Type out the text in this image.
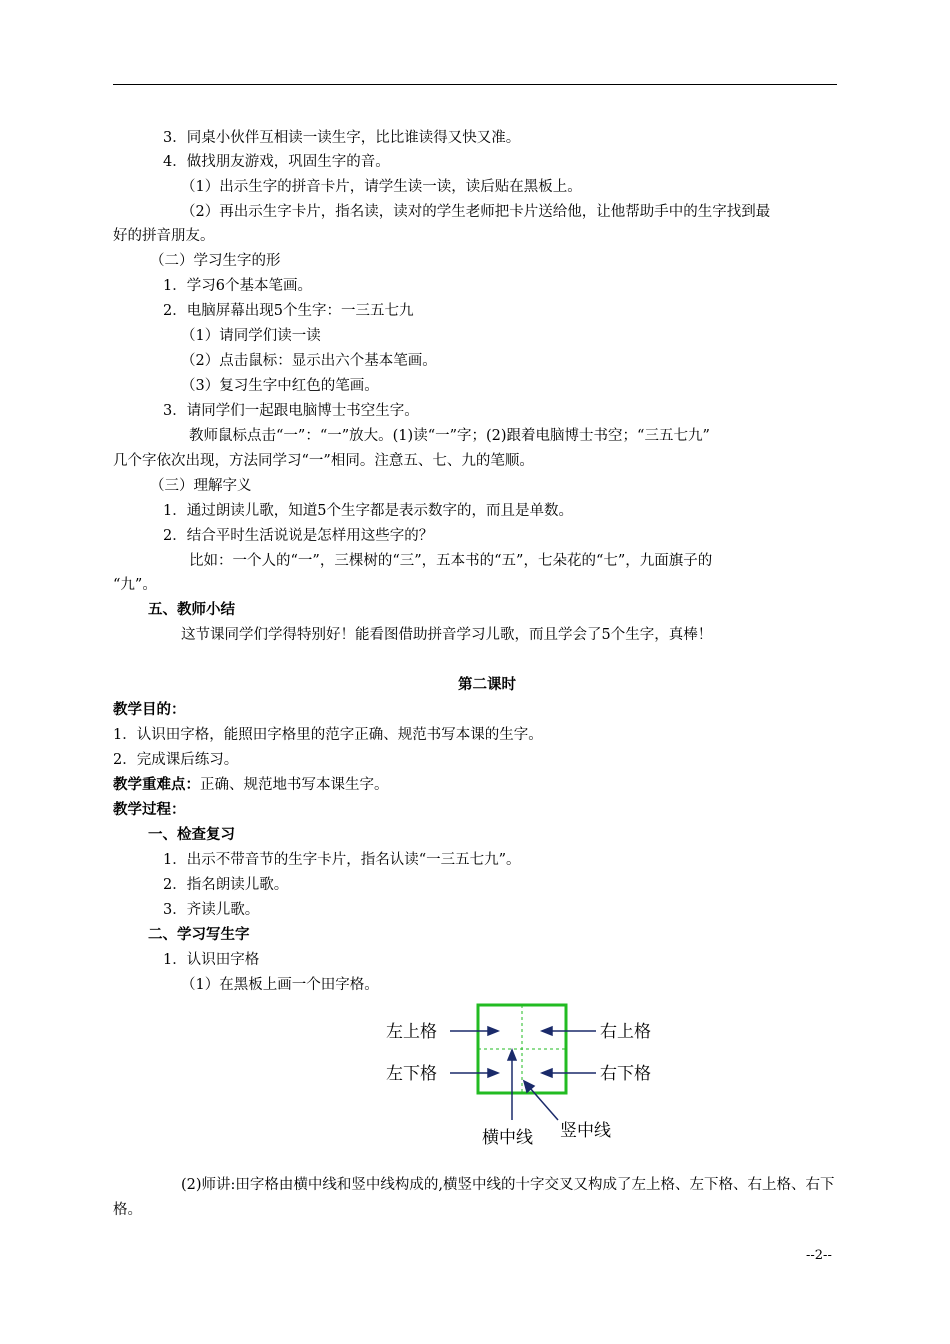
3．同桌小伙伴互相读一读生字，比比谁读得又快又准。
4．做找朋友游戏，巩固生字的音。
（1）出示生字的拼音卡片，请学生读一读，读后贴在黑板上。
（2）再出示生字卡片，指名读，读对的学生老师把卡片送给他，让他帮助手中的生字找到最
好的拼音朋友。
（二）学习生字的形
1．学习6个基本笔画。
2．电脑屏幕出现5个生字：一三五七九
（1）请同学们读一读
（2）点击鼠标：显示出六个基本笔画。
（3）复习生字中红色的笔画。
3．请同学们一起跟电脑博士书空生字。
教师鼠标点击“一”：“一”放大。(1)读“一”字；(2)跟着电脑博士书空；“三五七九”
几个字依次出现，方法同学习“一”相同。注意五、七、九的笔顺。
（三）理解字义
1．通过朗读儿歌，知道5个生字都是表示数字的，而且是单数。
2．结合平时生活说说是怎样用这些字的？
比如：一个人的“一”，三棵树的“三”，五本书的“五”，七朵花的“七”，九面旗子的
“九”。
五、教师小结
这节课同学们学得特别好！能看图借助拼音学习儿歌，而且学会了5个生字，真棒！
第二课时
教学目的：
1．认识田字格，能照田字格里的范字正确、规范书写本课的生字。
2．完成课后练习。
教学重难点：正确、规范地书写本课生字。
教学过程：
一、检查复习
1．出示不带音节的生字卡片，指名认读“一三五七九”。
2．指名朗读儿歌。
3．齐读儿歌。
二、学习写生字
1．认识田字格
（1）在黑板上画一个田字格。
左上格
左下格
右上格
右下格
横中线 竖中线
(2)师讲:田字格由横中线和竖中线构成的,横竖中线的十字交叉又构成了左上格、左下格、右上格、右下格。
--2--
